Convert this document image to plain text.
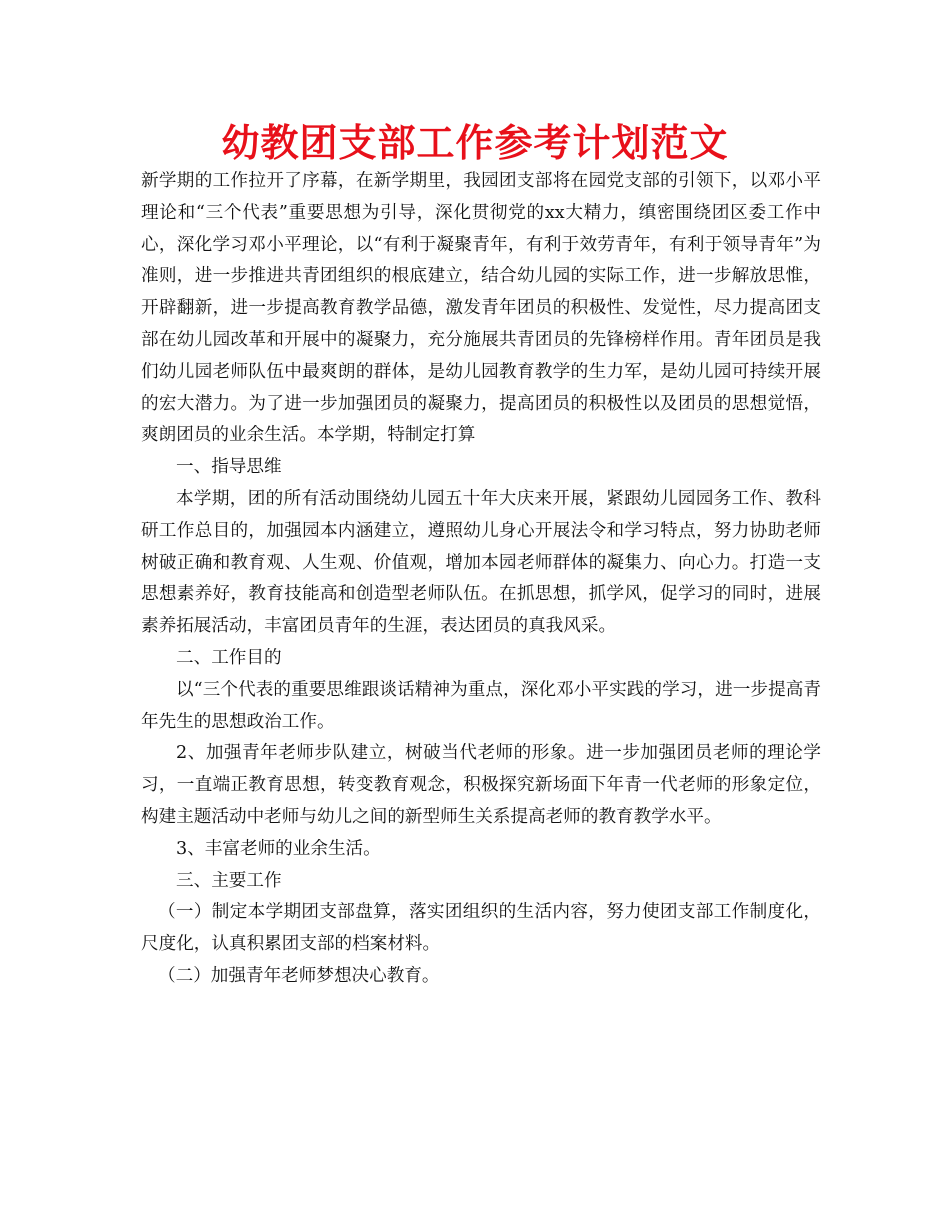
幼教团支部工作参考计划范文

新学期的工作拉开了序幕，在新学期里，我园团支部将在园党支部的引领下，以邓小平理论和“三个代表”重要思想为引导，深化贯彻党的xx大精力，缜密围绕团区委工作中心，深化学习邓小平理论，以“有利于凝聚青年，有利于效劳青年，有利于领导青年”为准则，进一步推进共青团组织的根底建立，结合幼儿园的实际工作，进一步解放思惟，开辟翻新，进一步提高教育教学品德，激发青年团员的积极性、发觉性，尽力提高团支部在幼儿园改革和开展中的凝聚力，充分施展共青团员的先锋榜样作用。青年团员是我们幼儿园老师队伍中最爽朗的群体，是幼儿园教育教学的生力军，是幼儿园可持续开展的宏大潜力。为了进一步加强团员的凝聚力，提高团员的积极性以及团员的思想觉悟，爽朗团员的业余生活。本学期，特制定打算

一、指导思维

本学期，团的所有活动围绕幼儿园五十年大庆来开展，紧跟幼儿园园务工作、教科研工作总目的，加强园本内涵建立，遵照幼儿身心开展法令和学习特点，努力协助老师树破正确和教育观、人生观、价值观，增加本园老师群体的凝集力、向心力。打造一支思想素养好，教育技能高和创造型老师队伍。在抓思想，抓学风，促学习的同时，进展素养拓展活动，丰富团员青年的生涯，表达团员的真我风采。

二、工作目的

以“三个代表的重要思维跟谈话精神为重点，深化邓小平实践的学习，进一步提高青年先生的思想政治工作。

2、加强青年老师步队建立，树破当代老师的形象。进一步加强团员老师的理论学习，一直端正教育思想，转变教育观念，积极探究新场面下年青一代老师的形象定位，构建主题活动中老师与幼儿之间的新型师生关系提高老师的教育教学水平。

3、丰富老师的业余生活。

三、主要工作

（一）制定本学期团支部盘算，落实团组织的生活内容，努力使团支部工作制度化，尺度化，认真积累团支部的档案材料。

（二）加强青年老师梦想决心教育。
